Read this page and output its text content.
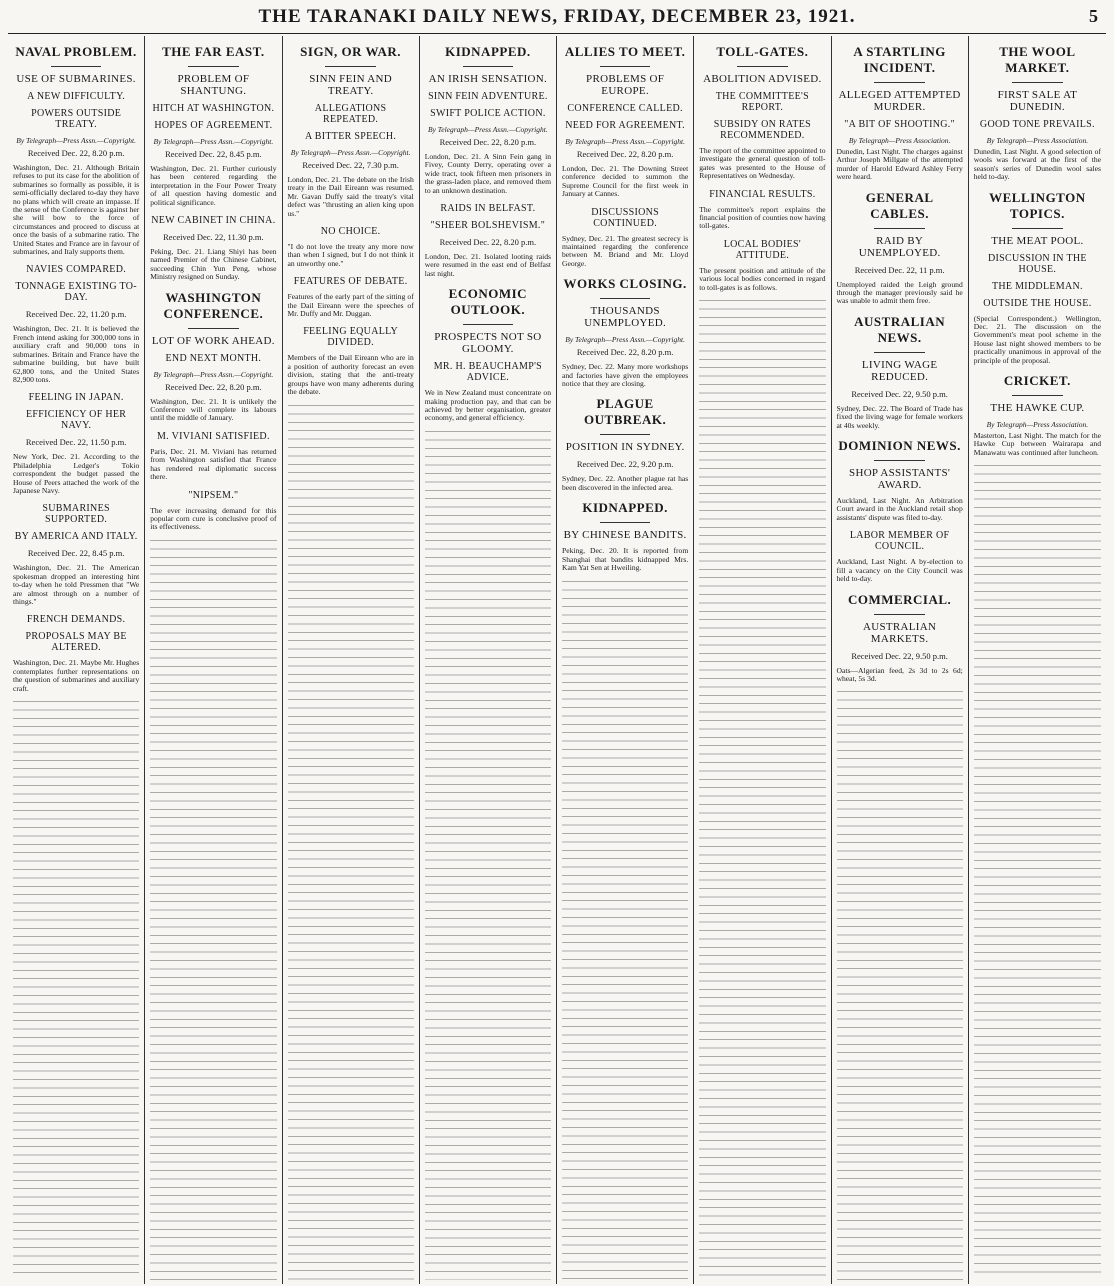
THE TARANAKI DAILY NEWS, FRIDAY, DECEMBER 23, 1921.	5
NAVAL PROBLEM.
USE OF SUBMARINES.
A NEW DIFFICULTY.
POWERS OUTSIDE TREATY.
By Telegraph—Press Assn.—Copyright.
Received Dec. 22, 8.20 p.m.

Washington, Dec. 21. Although Britain refuses to put its case for the abolition of submarines so formally as possible, it is semi-officially declared to-day they have no plans which will create an impasse. If the sense of the Conference is against her she will bow to the force of circumstances and proceed to discuss at once the basis of a submarine ratio. The United States and France are in favour of submarines, and Italy supports them.

NAVIES COMPARED.
TONNAGE EXISTING TO-DAY.
Received Dec. 22, 11.20 p.m.

Washington, Dec. 21. It is believed the French intend asking for 300,000 tons in auxiliary craft and 90,000 tons in submarines. Britain and France have the submarine building, but have built 62,800 tons, and the United States 82,900 tons.

FEELING IN JAPAN.
EFFICIENCY OF HER NAVY.
Received Dec. 22, 11.50 p.m.

New York, Dec. 21. According to the Philadelphia Ledger's Tokio correspondent the budget passed the House of Peers attached the work of the Japanese Navy.

SUBMARINES SUPPORTED.
BY AMERICA AND ITALY.
Received Dec. 22, 8.45 p.m.

Washington, Dec. 21. The American spokesman dropped an interesting hint to-day when he told Pressmen that "We are almost through on a number of things."

FRENCH DEMANDS.
PROPOSALS MAY BE ALTERED.

Washington, Dec. 21. Maybe Mr. Hughes contemplates further representations on the question of submarines and auxiliary craft.

THE FAR EAST.
PROBLEM OF SHANTUNG.
HITCH AT WASHINGTON.
HOPES OF AGREEMENT.
By Telegraph—Press Assn.—Copyright.
Received Dec. 22, 8.45 p.m.

Washington, Dec. 21. Further curiously has been centered regarding the interpretation in the Four Power Treaty of all question having domestic and political significance.

NEW CABINET IN CHINA.
Received Dec. 22, 11.30 p.m.

Peking, Dec. 21. Liang Shiyi has been named Premier of the Chinese Cabinet, succeeding Chin Yun Peng, whose Ministry resigned on Sunday.

WASHINGTON CONFERENCE.
LOT OF WORK AHEAD.
END NEXT MONTH.
By Telegraph—Press Assn.—Copyright.
Received Dec. 22, 8.20 p.m.

Washington, Dec. 21. It is unlikely the Conference will complete its labours until the middle of January.

M. VIVIANI SATISFIED.

Paris, Dec. 21. M. Viviani has returned from Washington satisfied that France has rendered real diplomatic success there.

"NIPSEM."

The ever increasing demand for this popular corn cure is conclusive proof of its effectiveness.

SIGN, OR WAR.
SINN FEIN AND TREATY.
ALLEGATIONS REPEATED.
A BITTER SPEECH.
By Telegraph—Press Assn.—Copyright.
Received Dec. 22, 7.30 p.m.

London, Dec. 21. The debate on the Irish treaty in the Dail Eireann was resumed. Mr. Gavan Duffy said the treaty's vital defect was "thrusting an alien king upon us."

NO CHOICE.

"I do not love the treaty any more now than when I signed, but I do not think it an unworthy one."

FEATURES OF DEBATE.

Features of the early part of the sitting of the Dail Eireann were the speeches of Mr. Duffy and Mr. Duggan.

FEELING EQUALLY DIVIDED.

Members of the Dail Eireann who are in a position of authority forecast an even division, stating that the anti-treaty groups have won many adherents during the debate.

KIDNAPPED.
AN IRISH SENSATION.
SINN FEIN ADVENTURE.
SWIFT POLICE ACTION.
By Telegraph—Press Assn.—Copyright.
Received Dec. 22, 8.20 p.m.

London, Dec. 21. A Sinn Fein gang in Fivey, County Derry, operating over a wide tract, took fifteen men prisoners in the grass-laden place, and removed them to an unknown destination.

RAIDS IN BELFAST.
"SHEER BOLSHEVISM."
Received Dec. 22, 8.20 p.m.

London, Dec. 21. Isolated looting raids were resumed in the east end of Belfast last night.

ECONOMIC OUTLOOK.
PROSPECTS NOT SO GLOOMY.
MR. H. BEAUCHAMP'S ADVICE.

We in New Zealand must concentrate on making production pay, and that can be achieved by better organisation, greater economy, and general efficiency.

ALLIES TO MEET.
PROBLEMS OF EUROPE.
CONFERENCE CALLED.
NEED FOR AGREEMENT.
By Telegraph—Press Assn.—Copyright.
Received Dec. 22, 8.20 p.m.

London, Dec. 21. The Downing Street conference decided to summon the Supreme Council for the first week in January at Cannes.

DISCUSSIONS CONTINUED.

Sydney, Dec. 21. The greatest secrecy is maintained regarding the conference between M. Briand and Mr. Lloyd George.

WORKS CLOSING.
THOUSANDS UNEMPLOYED.
By Telegraph—Press Assn.—Copyright.
Received Dec. 22, 8.20 p.m.

Sydney, Dec. 22. Many more workshops and factories have given the employees notice that they are closing.

PLAGUE OUTBREAK.
POSITION IN SYDNEY.
Received Dec. 22, 9.20 p.m.

Sydney, Dec. 22. Another plague rat has been discovered in the infected area.

KIDNAPPED.
BY CHINESE BANDITS.

Peking, Dec. 20. It is reported from Shanghai that bandits kidnapped Mrs. Kam Yat Sen at Hweiling.

TOLL-GATES.
ABOLITION ADVISED.
THE COMMITTEE'S REPORT.
SUBSIDY ON RATES RECOMMENDED.

The report of the committee appointed to investigate the general question of toll-gates was presented to the House of Representatives on Wednesday.

FINANCIAL RESULTS.

The committee's report explains the financial position of counties now having toll-gates.

LOCAL BODIES' ATTITUDE.

The present position and attitude of the various local bodies concerned in regard to toll-gates is as follows.

A STARTLING INCIDENT.
ALLEGED ATTEMPTED MURDER.
"A BIT OF SHOOTING."
By Telegraph—Press Association.

Dunedin, Last Night. The charges against Arthur Joseph Millgate of the attempted murder of Harold Edward Ashley Ferry were heard.

GENERAL CABLES.
RAID BY UNEMPLOYED.
Received Dec. 22, 11 p.m.

Unemployed raided the Leigh ground through the manager previously said he was unable to admit them free.

AUSTRALIAN NEWS.
LIVING WAGE REDUCED.
Received Dec. 22, 9.50 p.m.

Sydney, Dec. 22. The Board of Trade has fixed the living wage for female workers at 40s weekly.

DOMINION NEWS.
SHOP ASSISTANTS' AWARD.

Auckland, Last Night. An Arbitration Court award in the Auckland retail shop assistants' dispute was filed to-day.

LABOR MEMBER OF COUNCIL.

Auckland, Last Night. A by-election to fill a vacancy on the City Council was held to-day.

COMMERCIAL.
AUSTRALIAN MARKETS.
Received Dec. 22, 9.50 p.m.

Oats—Algerian feed, 2s 3d to 2s 6d; wheat, 5s 3d.

THE WOOL MARKET.
FIRST SALE AT DUNEDIN.
GOOD TONE PREVAILS.
By Telegraph—Press Association.

Dunedin, Last Night. A good selection of wools was forward at the first of the season's series of Dunedin wool sales held to-day.

WELLINGTON TOPICS.
THE MEAT POOL.
DISCUSSION IN THE HOUSE.
THE MIDDLEMAN.
OUTSIDE THE HOUSE.

(Special Correspondent.) Wellington, Dec. 21. The discussion on the Government's meat pool scheme in the House last night showed members to be practically unanimous in approval of the principle of the proposal.

CRICKET.
THE HAWKE CUP.
By Telegraph—Press Association.

Masterton, Last Night. The match for the Hawke Cup between Wairarapa and Manawatu was continued after luncheon.
